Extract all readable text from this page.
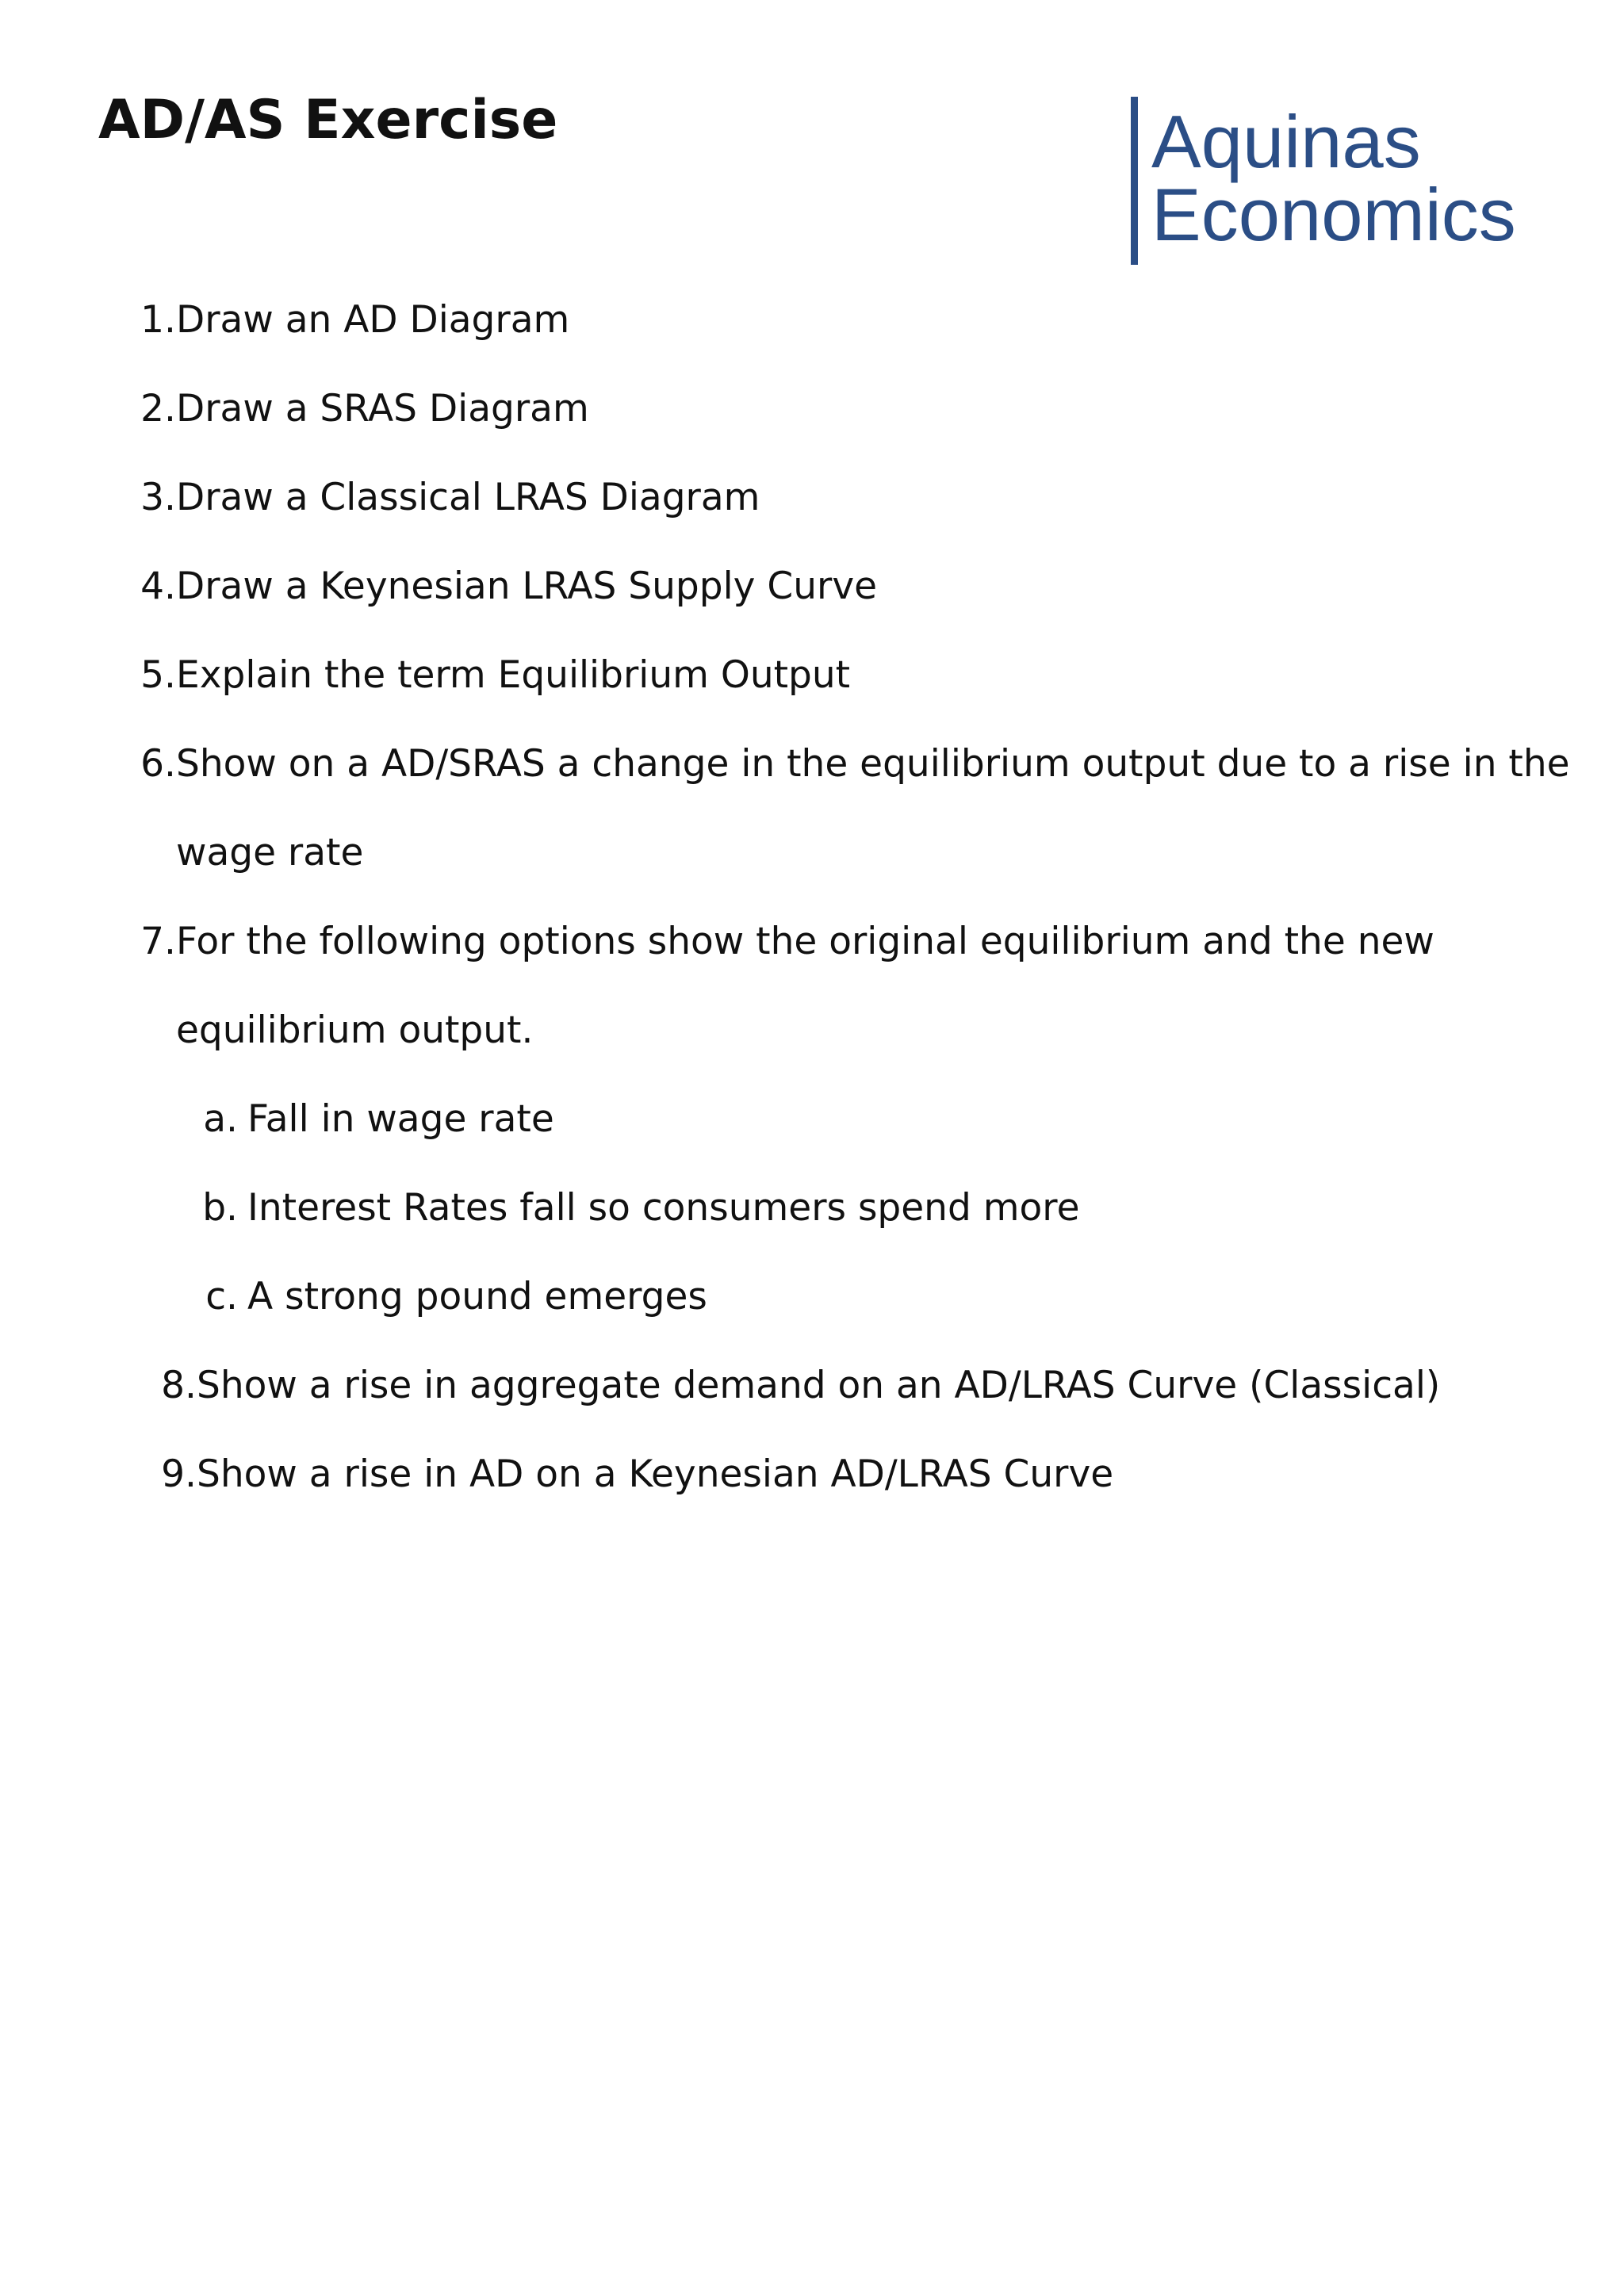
AD/AS Exercise	Aquinas
Economics
1. Draw an AD Diagram
2. Draw a SRAS Diagram
3. Draw a Classical LRAS Diagram
4. Draw a Keynesian LRAS Supply Curve
5. Explain the term Equilibrium Output
6. Show on a AD/SRAS a change in the equilibrium output due to a rise in the
wage rate
7. For the following options show the original equilibrium and the new
equilibrium output.
a. Fall in wage rate
b. Interest Rates fall so consumers spend more
c. A strong pound emerges
8. Show a rise in aggregate demand on an AD/LRAS Curve (Classical)
9. Show a rise in AD on a Keynesian AD/LRAS Curve
